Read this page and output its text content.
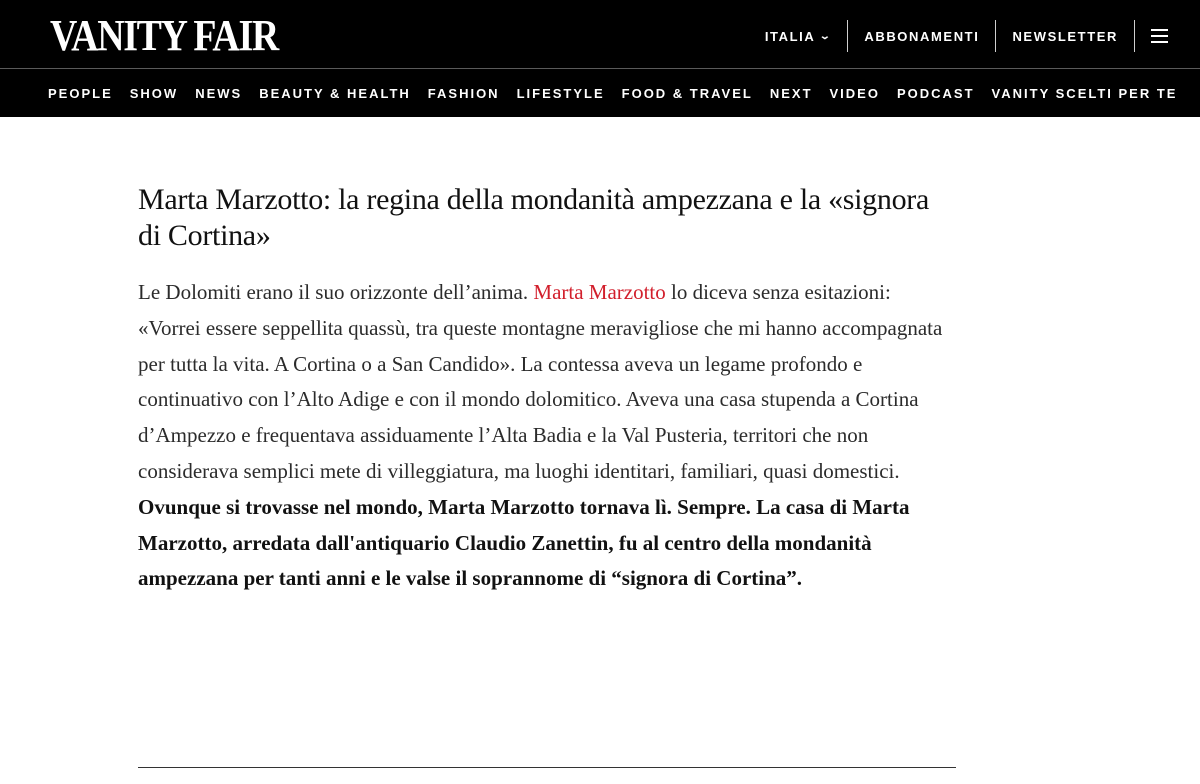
VANITY FAIR	ITALIA ⌄	ABBONAMENTI	NEWSLETTER
PEOPLE SHOW NEWS BEAUTY & HEALTH FASHION LIFESTYLE FOOD & TRAVEL NEXT VIDEO PODCAST VANITY SCELTI PER TE
Marta Marzotto: la regina della mondanità ampezzana e la «signora di Cortina»

Le Dolomiti erano il suo orizzonte dell’anima. Marta Marzotto lo diceva senza esitazioni: «Vorrei essere seppellita quassù, tra queste montagne meravigliose che mi hanno accompagnata per tutta la vita. A Cortina o a San Candido». La contessa aveva un legame profondo e continuativo con l’Alto Adige e con il mondo dolomitico. Aveva una casa stupenda a Cortina d’Ampezzo e frequentava assiduamente l’Alta Badia e la Val Pusteria, territori che non considerava semplici mete di villeggiatura, ma luoghi identitari, familiari, quasi domestici. Ovunque si trovasse nel mondo, Marta Marzotto tornava lì. Sempre. La casa di Marta Marzotto, arredata dall'antiquario Claudio Zanettin, fu al centro della mondanità ampezzana per tanti anni e le valse il soprannome di “signora di Cortina”.
